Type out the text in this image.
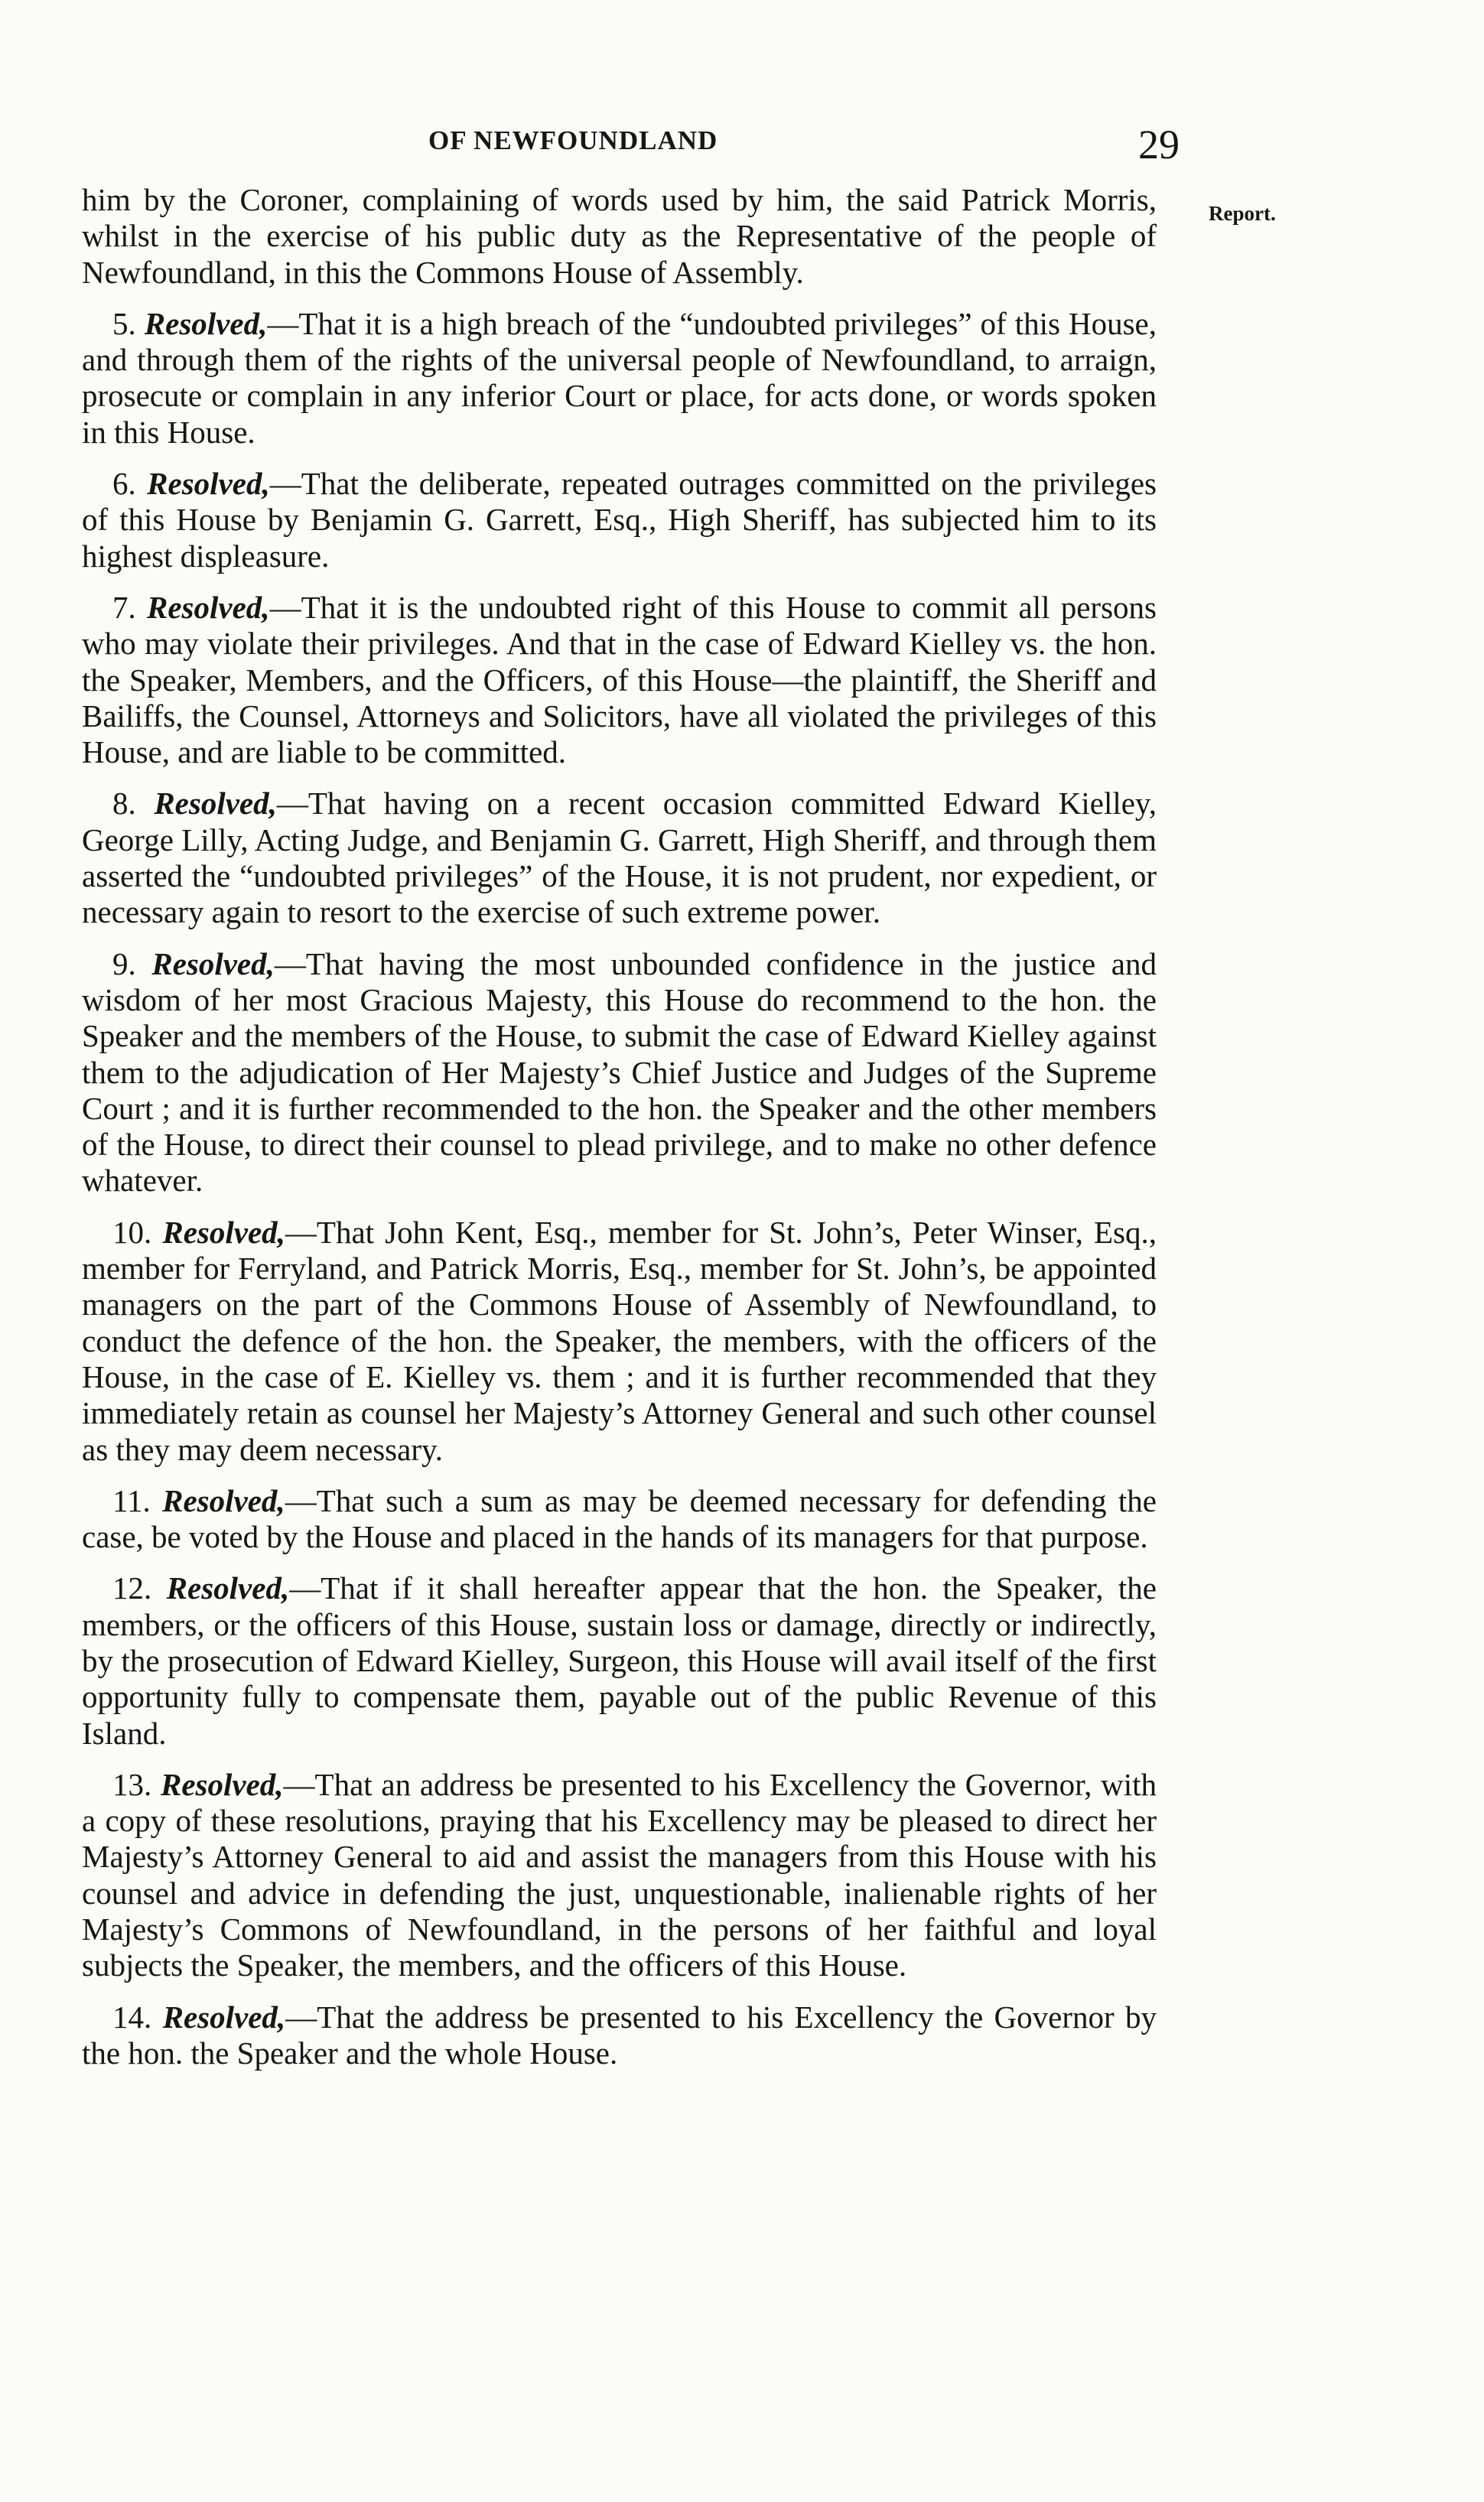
OF NEWFOUNDLAND	29
Report.

him by the Coroner, complaining of words used by him, the said Patrick Morris, whilst in the exercise of his public duty as the Representative of the people of Newfoundland, in this the Commons House of Assembly.

5. Resolved,—That it is a high breach of the “undoubted privileges” of this House, and through them of the rights of the universal people of Newfoundland, to arraign, prosecute or complain in any inferior Court or place, for acts done, or words spoken in this House.

6. Resolved,—That the deliberate, repeated outrages committed on the privileges of this House by Benjamin G. Garrett, Esq., High Sheriff, has subjected him to its highest displeasure.

7. Resolved,—That it is the undoubted right of this House to commit all persons who may violate their privileges. And that in the case of Edward Kielley vs. the hon. the Speaker, Members, and the Officers, of this House—the plaintiff, the Sheriff and Bailiffs, the Counsel, Attorneys and Solicitors, have all violated the privileges of this House, and are liable to be committed.

8. Resolved,—That having on a recent occasion committed Edward Kielley, George Lilly, Acting Judge, and Benjamin G. Garrett, High Sheriff, and through them asserted the “undoubted privileges” of the House, it is not prudent, nor expedient, or necessary again to resort to the exercise of such extreme power.

9. Resolved,—That having the most unbounded confidence in the justice and wisdom of her most Gracious Majesty, this House do recommend to the hon. the Speaker and the members of the House, to submit the case of Edward Kielley against them to the adjudication of Her Majesty’s Chief Justice and Judges of the Supreme Court ; and it is further recommended to the hon. the Speaker and the other members of the House, to direct their counsel to plead privilege, and to make no other defence whatever.

10. Resolved,—That John Kent, Esq., member for St. John’s, Peter Winser, Esq., member for Ferryland, and Patrick Morris, Esq., member for St. John’s, be appointed managers on the part of the Commons House of Assembly of Newfoundland, to conduct the defence of the hon. the Speaker, the members, with the officers of the House, in the case of E. Kielley vs. them ; and it is further recommended that they immediately retain as counsel her Majesty’s Attorney General and such other counsel as they may deem necessary.

11. Resolved,—That such a sum as may be deemed necessary for defending the case, be voted by the House and placed in the hands of its managers for that purpose.

12. Resolved,—That if it shall hereafter appear that the hon. the Speaker, the members, or the officers of this House, sustain loss or damage, directly or indirectly, by the prosecution of Edward Kielley, Surgeon, this House will avail itself of the first opportunity fully to compensate them, payable out of the public Revenue of this Island.

13. Resolved,—That an address be presented to his Excellency the Governor, with a copy of these resolutions, praying that his Excellency may be pleased to direct her Majesty’s Attorney General to aid and assist the managers from this House with his counsel and advice in defending the just, unquestionable, inalienable rights of her Majesty’s Commons of Newfoundland, in the persons of her faithful and loyal subjects the Speaker, the members, and the officers of this House.

14. Resolved,—That the address be presented to his Excellency the Governor by the hon. the Speaker and the whole House.
